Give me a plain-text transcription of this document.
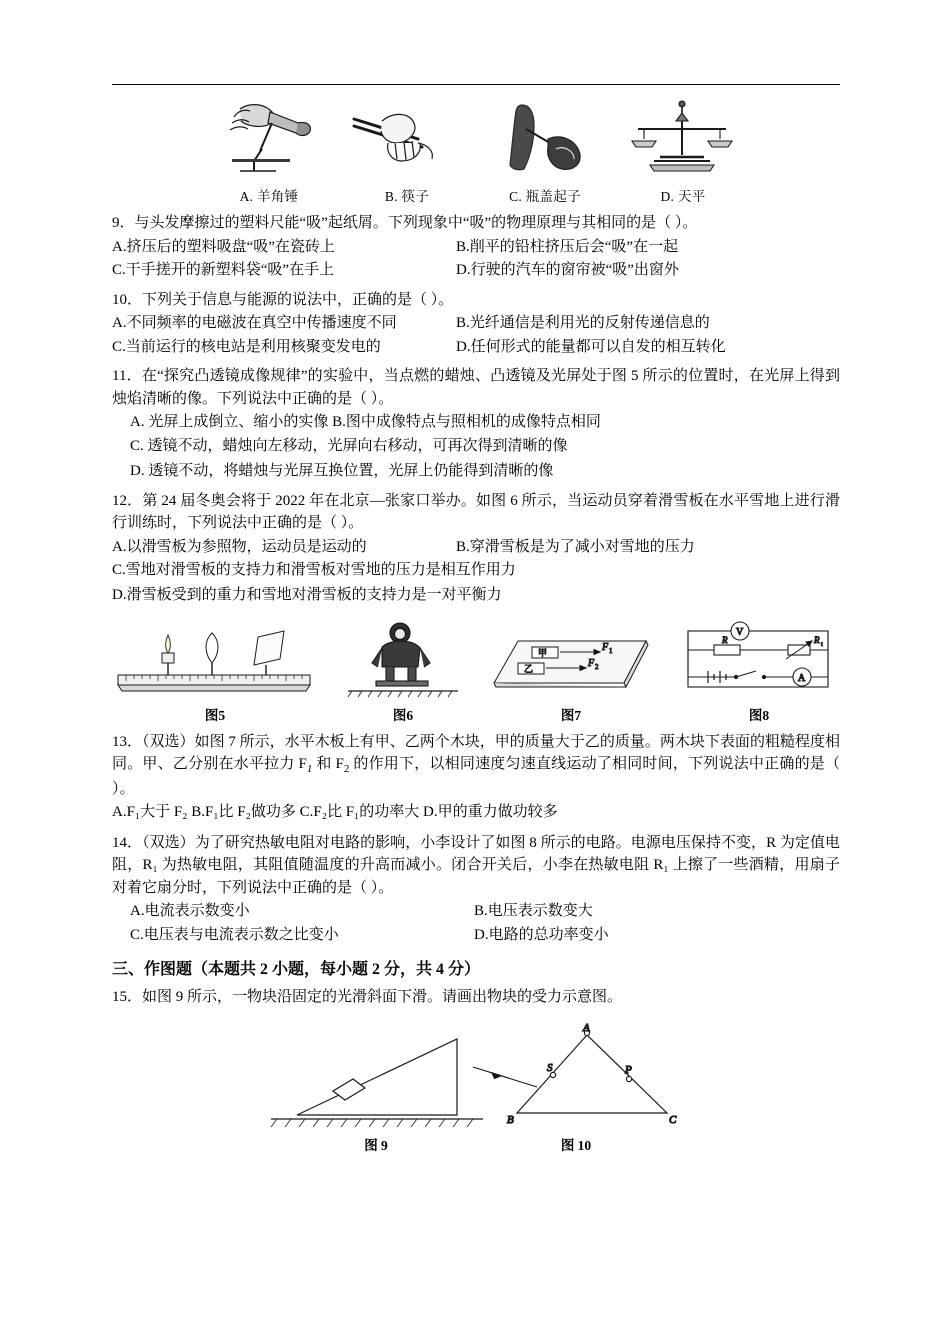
A. 羊角锤	B. 筷子	C. 瓶盖起子	D. 天平

9．与头发摩擦过的塑料尺能“吸”起纸屑。下列现象中“吸”的物理原理与其相同的是（ ）。

A.挤压后的塑料吸盘“吸”在瓷砖上	B.削平的铅柱挤压后会“吸”在一起
C.干手搓开的新塑料袋“吸”在手上	D.行驶的汽车的窗帘被“吸”出窗外

10．下列关于信息与能源的说法中，正确的是（ ）。

A.不同频率的电磁波在真空中传播速度不同	B.光纤通信是利用光的反射传递信息的
C.当前运行的核电站是利用核聚变发电的	D.任何形式的能量都可以自发的相互转化

11．在“探究凸透镜成像规律”的实验中，当点燃的蜡烛、凸透镜及光屏处于图 5 所示的位置时，在光屏上得到烛焰清晰的像。下列说法中正确的是（ ）。

A. 光屏上成倒立、缩小的实像 B.图中成像特点与照相机的成像特点相同
C. 透镜不动，蜡烛向左移动，光屏向右移动，可再次得到清晰的像
D. 透镜不动，将蜡烛与光屏互换位置，光屏上仍能得到清晰的像

12．第 24 届冬奥会将于 2022 年在北京—张家口举办。如图 6 所示，当运动员穿着滑雪板在水平雪地上进行滑行训练时，下列说法中正确的是（ ）。

A.以滑雪板为参照物，运动员是运动的	B.穿滑雪板是为了减小对雪地的压力
C.雪地对滑雪板的支持力和滑雪板对雪地的压力是相互作用力
D.滑雪板受到的重力和雪地对滑雪板的支持力是一对平衡力
图5	图6
甲
乙
F 1
F 2
图7
V
R	R t
A
图8

13．（双选）如图 7 所示，水平木板上有甲、乙两个木块，甲的质量大于乙的质量。两木块下表面的粗糙程度相同。甲、乙分别在水平拉力 $F_1$ 和 $F_2$ 的作用下，以相同速度匀速直线运动了相同时间，下列说法中正确的是（ ）。

A.F₁大于 F₂ B.F₁比 F₂做功多 C.F₂比 F₁的功率大 D.甲的重力做功较多

14．（双选）为了研究热敏电阻对电路的影响，小李设计了如图 8 所示的电路。电源电压保持不变，R 为定值电阻，R₁ 为热敏电阻，其阻值随温度的升高而减小。闭合开关后，小李在热敏电阻 R₁ 上擦了一些酒精，用扇子对着它扇分时，下列说法中正确的是（ ）。

A.电流表示数变小	B.电压表示数变大
C.电压表与电流表示数之比变小	D.电路的总功率变小
三、作图题（本题共 2 小题，每小题 2 分，共 4 分）

15．如图 9 所示，一物块沿固定的光滑斜面下滑。请画出物块的受力示意图。

图 9
A
B	C
S	P
图 10
